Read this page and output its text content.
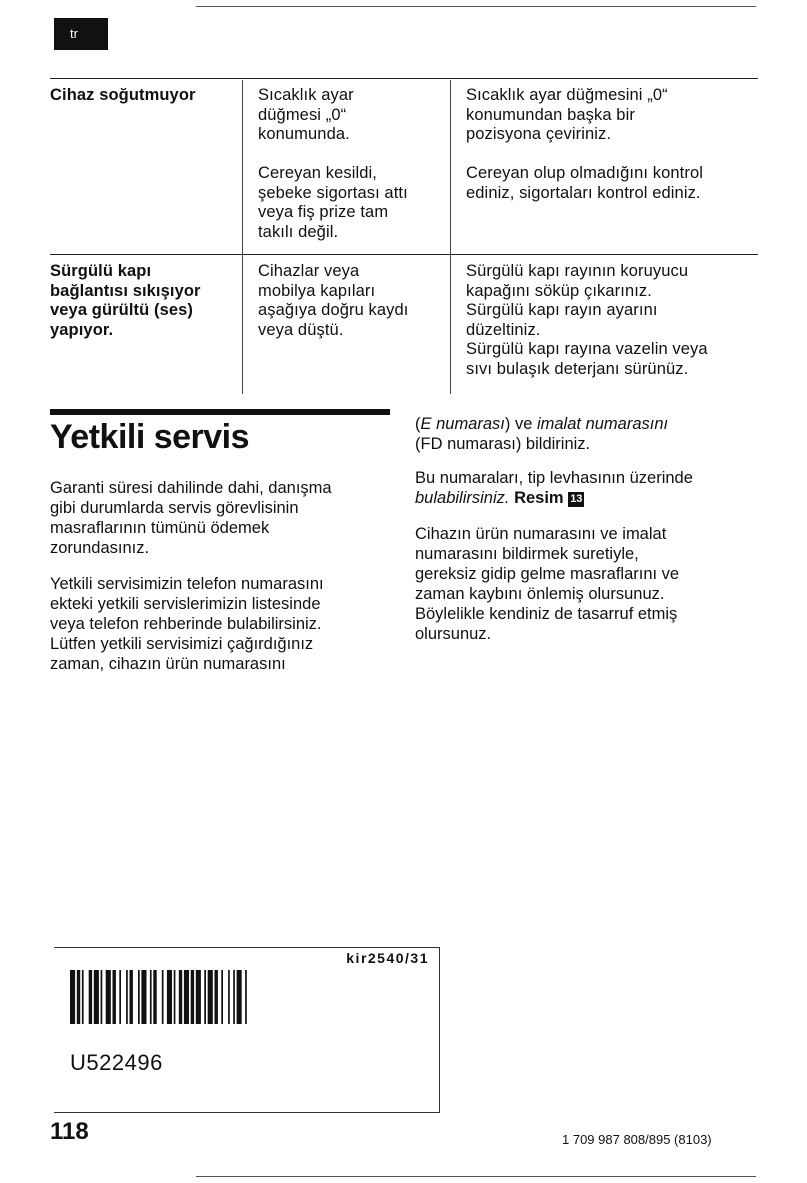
tr
Cihaz soğutmuyor	Sıcaklık ayar
düğmesi „0“
konumunda.
Sıcaklık ayar düğmesini „0“
konumundan başka bir
pozisyona çeviriniz.
Cereyan kesildi,
şebeke sigortası attı
veya fiş prize tam
takılı değil.
Cereyan olup olmadığını kontrol
ediniz, sigortaları kontrol ediniz.
Sürgülü kapı
bağlantısı sıkışıyor
veya gürültü (ses)
yapıyor.
Cihazlar veya
mobilya kapıları
aşağıya doğru kaydı
veya düştü.
Sürgülü kapı rayının koruyucu
kapağını söküp çıkarınız.
Sürgülü kapı rayın ayarını
düzeltiniz.
Sürgülü kapı rayına vazelin veya
sıvı bulaşık deterjanı sürünüz.
Yetkili servis
Garanti süresi dahilinde dahi, danışma
gibi durumlarda servis görevlisinin
masraflarının tümünü ödemek
zorundasınız.
Yetkili servisimizin telefon numarasını
ekteki yetkili servislerimizin listesinde
veya telefon rehberinde bulabilirsiniz.
Lütfen yetkili servisimizi çağırdığınız
zaman, cihazın ürün numarasını
(E numarası) ve imalat numarasını
(FD numarası) bildiriniz.
Bu numaraları, tip levhasının üzerinde
bulabilirsiniz. Resim 13
Cihazın ürün numarasını ve imalat
numarasını bildirmek suretiyle,
gereksiz gidip gelme masraflarını ve
zaman kaybını önlemiş olursunuz.
Böylelikle kendiniz de tasarruf etmiş
olursunuz.
kir2540/31
U522496
118	1 709 987 808/895 (8103)
